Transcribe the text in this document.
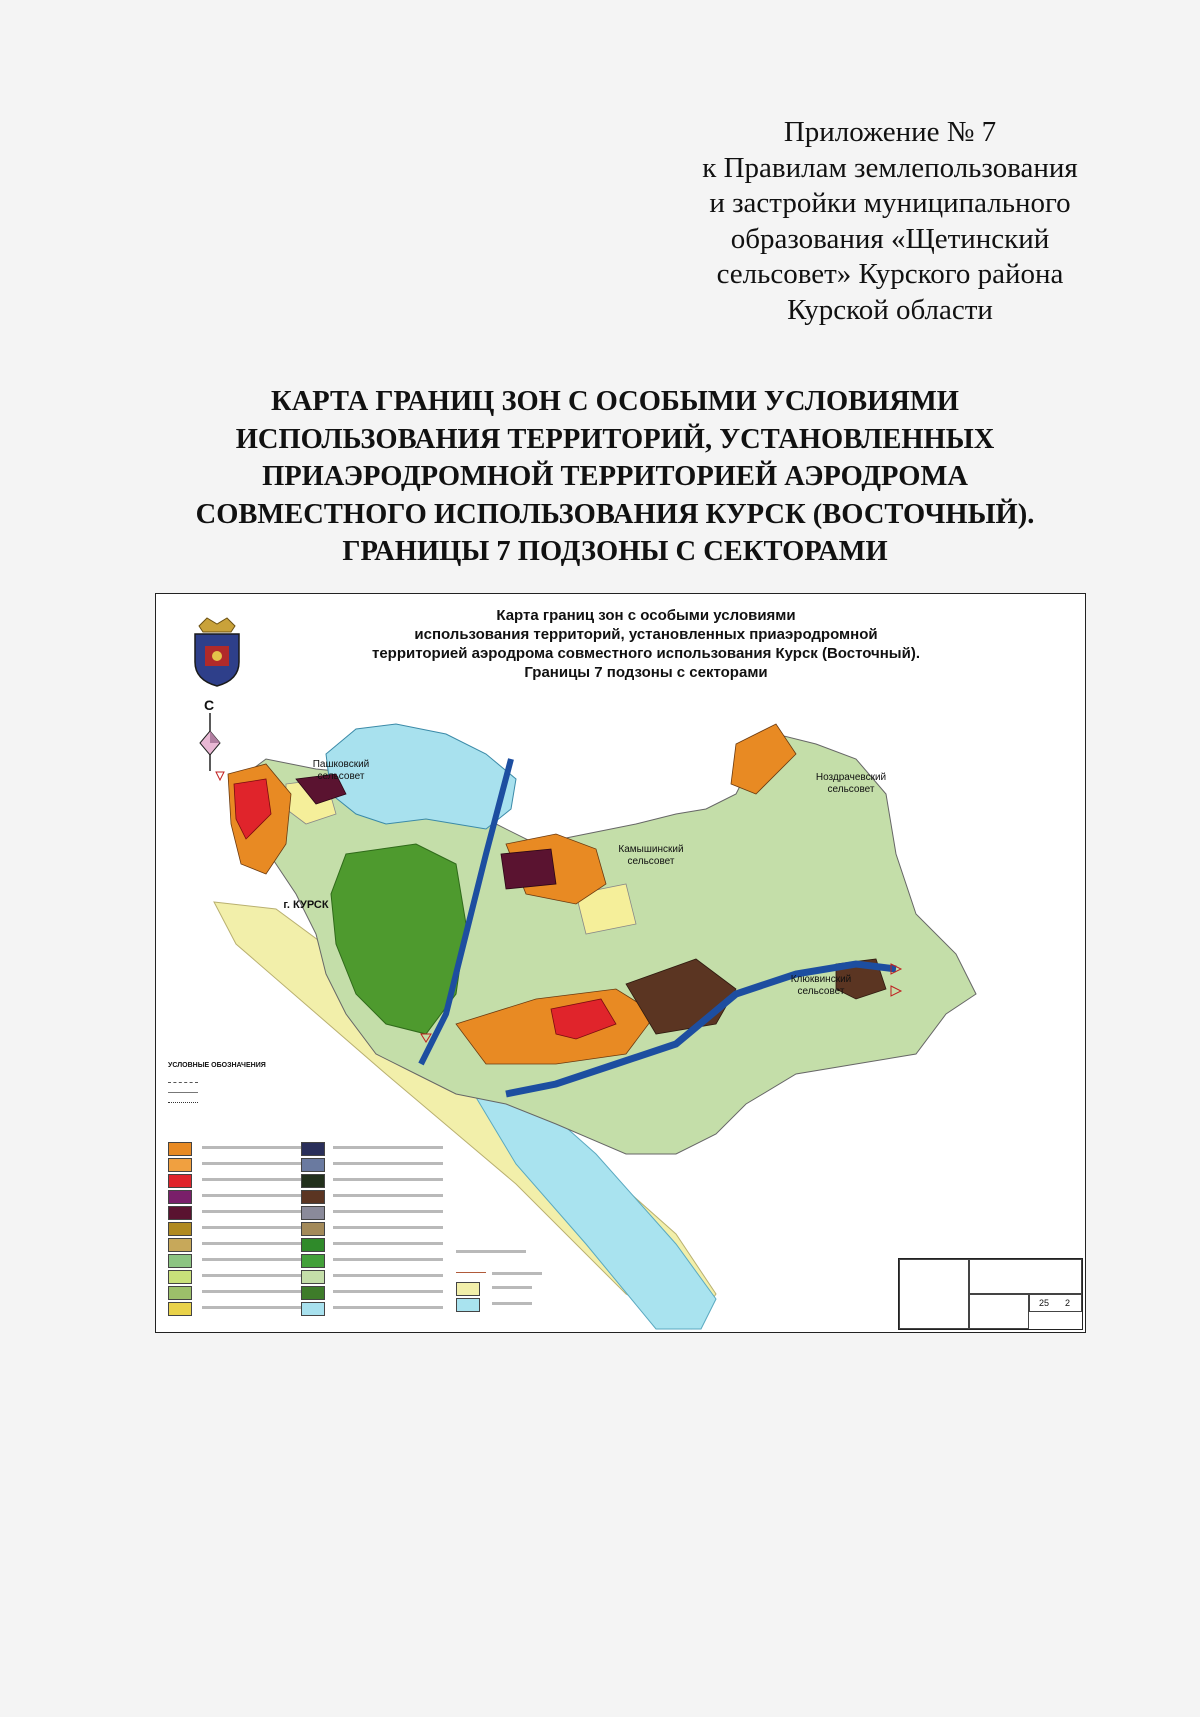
Приложение № 7
к Правилам землепользования
и застройки муниципального
образования «Щетинский
сельсовет» Курского района
Курской области
КАРТА ГРАНИЦ ЗОН С ОСОБЫМИ УСЛОВИЯМИ
ИСПОЛЬЗОВАНИЯ ТЕРРИТОРИЙ, УСТАНОВЛЕННЫХ
ПРИАЭРОДРОМНОЙ ТЕРРИТОРИЕЙ АЭРОДРОМА
СОВМЕСТНОГО ИСПОЛЬЗОВАНИЯ КУРСК (ВОСТОЧНЫЙ).
ГРАНИЦЫ 7 ПОДЗОНЫ С СЕКТОРАМИ
Карта границ зон с особыми условиями
использования территорий, установленных приаэродромной
территорией аэродрома совместного использования Курск (Восточный).
Границы 7 подзоны с секторами
С
Пашковский
сельсовет
г. КУРСК
Камышинский
сельсовет
Ноздрачевский
сельсовет
Клюквинский
сельсовет
УСЛОВНЫЕ ОБОЗНАЧЕНИЯ
25 2
